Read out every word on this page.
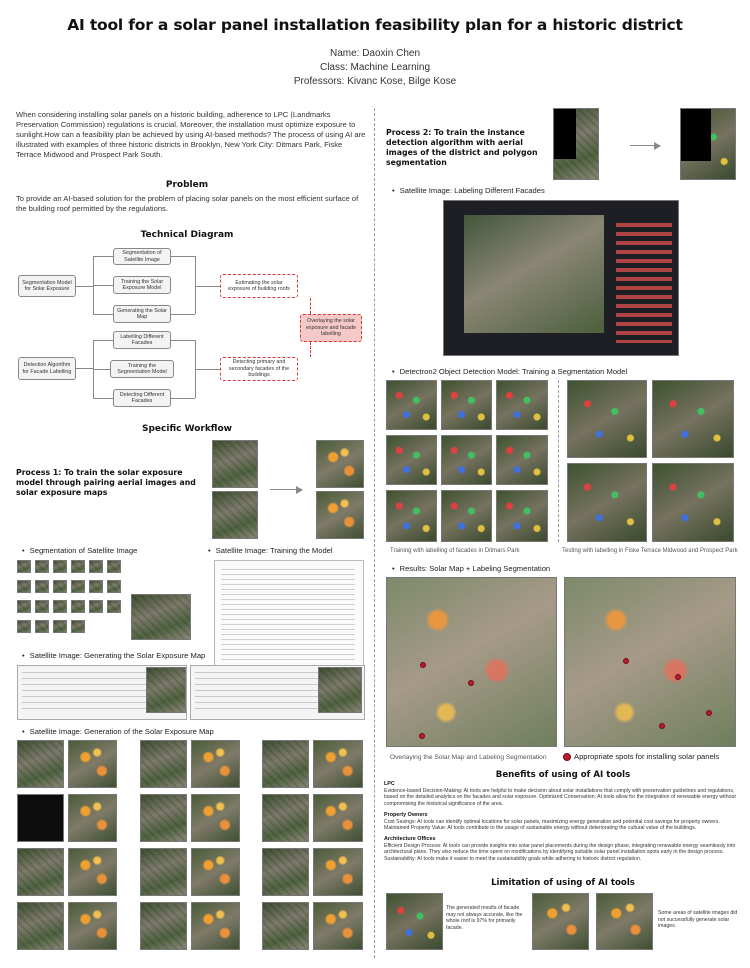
AI tool for a solar panel installation feasibility plan for a historic district
Name: Daoxin Chen
Class: Machine Learning
Professors: Kivanc Kose, Bilge Kose
When considering installing solar panels on a historic building, adherence to LPC (Landmarks Preservation Commission) regulations is crucial. Moreover, the installation must optimize exposure to sunlight.How can a feasibility plan be achieved by using AI-based methods? The process of using AI are illustrated with examples of three historic districts in Brooklyn, New York City: Ditmars Park, Fiske Terrace Midwood and Prospect Park South.
Problem
To provide an AI-based solution for the problem of placing solar panels on the most efficient surface of the building roof permitted by the regulations.
Technical Diagram
Segmentation Model for Solar Exposure
Detection Algorithm for Facade Labelling
Segmentation of Satellite Image
Training the Solar Exposure Model
Generating the Solar Map
Labelling Different Facades
Training the Segmentation Model
Detecting Different Facades
Estimating the solar exposure of building roofs
Detecting primary and secondary facades of the buildings
Overlaying the solar exposure and facade labelling
Specific Workflow
Process 1: To train the solar exposure model through pairing aerial images and solar exposure maps
• Segmentation of Satellite Image
•	Satellite Image: Training the Model
• Satellite Image: Generating the Solar Exposure Map
• Satellite Image: Generation of the Solar Exposure Map
Process 2: To train the instance detection algorithm with aerial images of the district and polygon segmentation
• Satellite Image: Labeling Different Facades
• Detectron2 Object Detection Model: Training a Segmentation Model
Training with labelling of facades in Ditmars Park	Testing with labelling in Fiske Terrace Midwood and Prospect Park
• Results: Solar Map + Labeling Segmentation
Overlaying the Solar Map and Labeling Segmentation	Appropriate spots for installing solar panels
Benefits of using of AI tools
LPC
Evidence-based Decision-Making: AI tools are helpful to make decision about solar installations that comply with preservation guidelines and regulations, based on the detailed analytics on the facades and solar exposure. Optimized Conservation: AI tools allow for the integration of renewable energy without compromising the historical significance of the area.
Property Owners
Cost Savings: AI tools can identify optimal locations for solar panels, maximizing energy generation and potential cost savings for property owners. Maintained Property Value: AI tools contribute to the usage of sustainable energy without deteriorating the cultural value of the buildings.
Architecture Offices
Efficient Design Process: AI tools can provide insights into solar panel placements during the design phase, integrating renewable energy seamlessly into architectural plans. They also reduce the time spent on modifications by identifying suitable solar panel installation spots early in the design process. Sustainability: AI tools make it easier to meet the sustainability goals while adhering to historic district regulation.
Limitation of using of AI tools
The generated results of facade may not always accurate, like the whole roof is 97% for primarily facade.
Some areas of satellite images did not successfully generate solar images.
